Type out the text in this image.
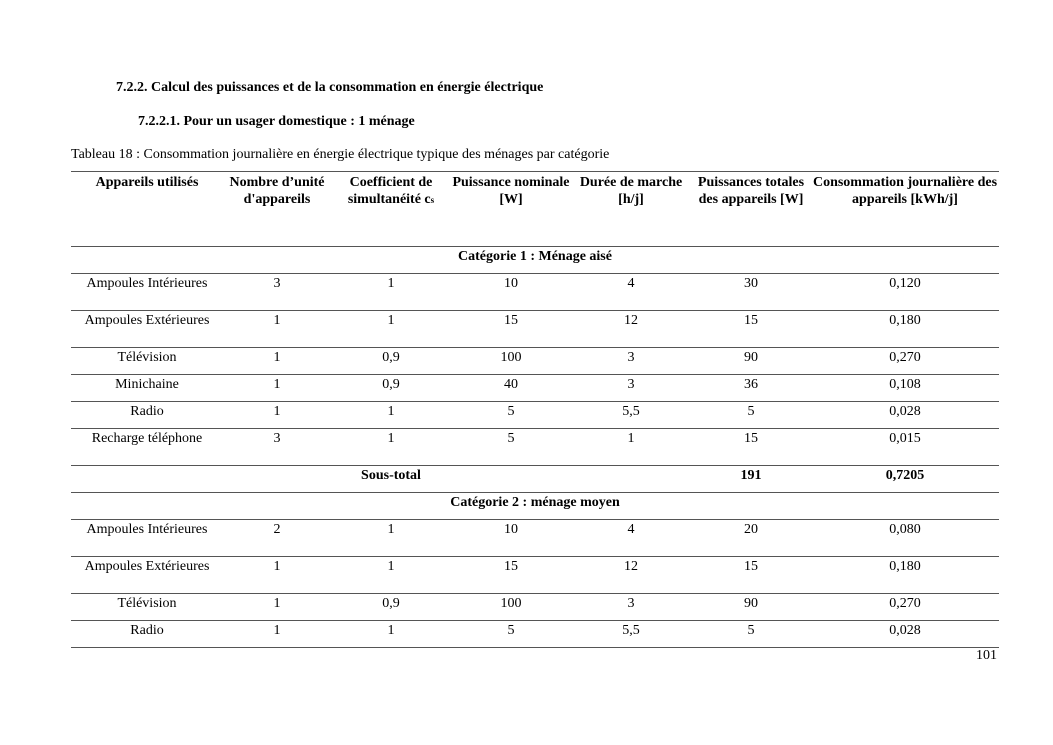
7.2.2. Calcul des puissances et de la consommation en énergie électrique
7.2.2.1. Pour un usager domestique : 1 ménage
Tableau 18 : Consommation journalière en énergie électrique typique des ménages par catégorie
Appareils utilisés	Nombre d’unité d'appareils	Coefficient de simultanéité cs	Puissance nominale [W]	Durée de marche [h/j]	Puissances totales des appareils [W]	Consommation journalière des appareils [kWh/j]
Catégorie 1 : Ménage aisé						
Ampoules Intérieures	3	1	10	4	30	0,120
Ampoules Extérieures	1	1	15	12	15	0,180
Télévision	1	0,9	100	3	90	0,270
Minichaine	1	0,9	40	3	36	0,108
Radio	1	1	5	5,5	5	0,028
Recharge téléphone	3	1	5	1	15	0,015
		Sous-total			191	0,7205
Catégorie 2 : ménage moyen						
Ampoules Intérieures	2	1	10	4	20	0,080
Ampoules Extérieures	1	1	15	12	15	0,180
Télévision	1	0,9	100	3	90	0,270
Radio	1	1	5	5,5	5	0,028
101
